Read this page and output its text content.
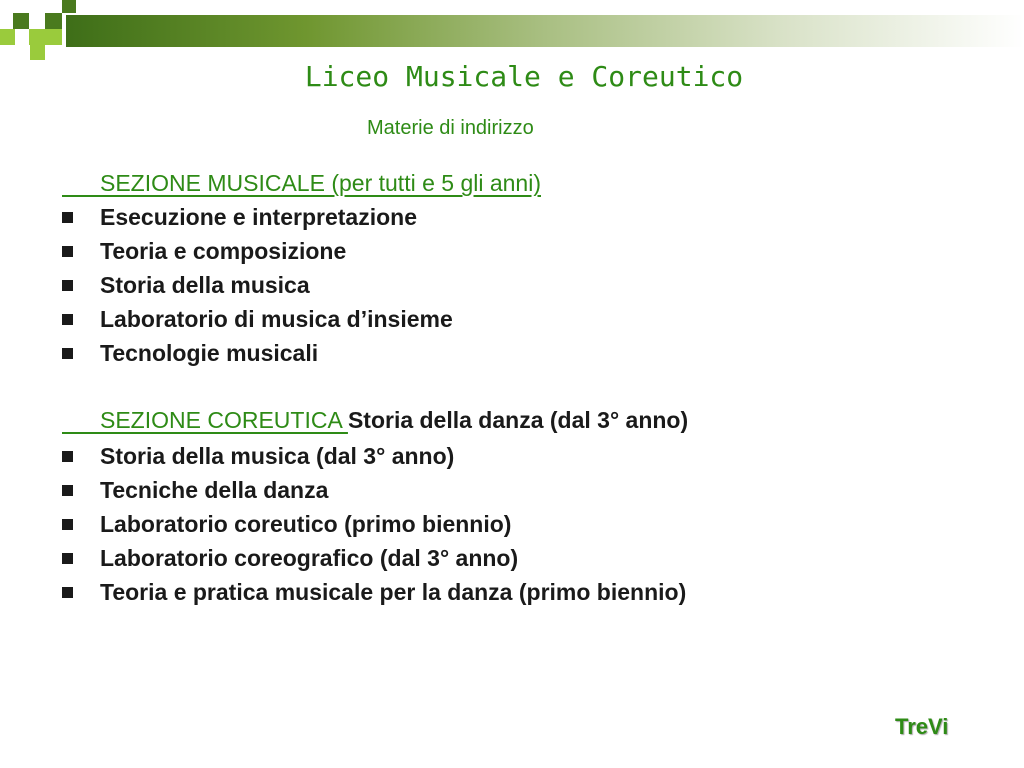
Liceo Musicale e Coreutico
Materie di indirizzo
SEZIONE MUSICALE (per tutti e 5 gli anni)
Esecuzione e interpretazione
Teoria e composizione
Storia della musica
Laboratorio di musica d’insieme
Tecnologie musicali
SEZIONE COREUTICA Storia della danza (dal 3° anno)
Storia della musica (dal 3° anno)
Tecniche della danza
Laboratorio coreutico (primo biennio)
Laboratorio coreografico (dal 3° anno)
Teoria e pratica musicale per la danza (primo biennio)
TreVi
